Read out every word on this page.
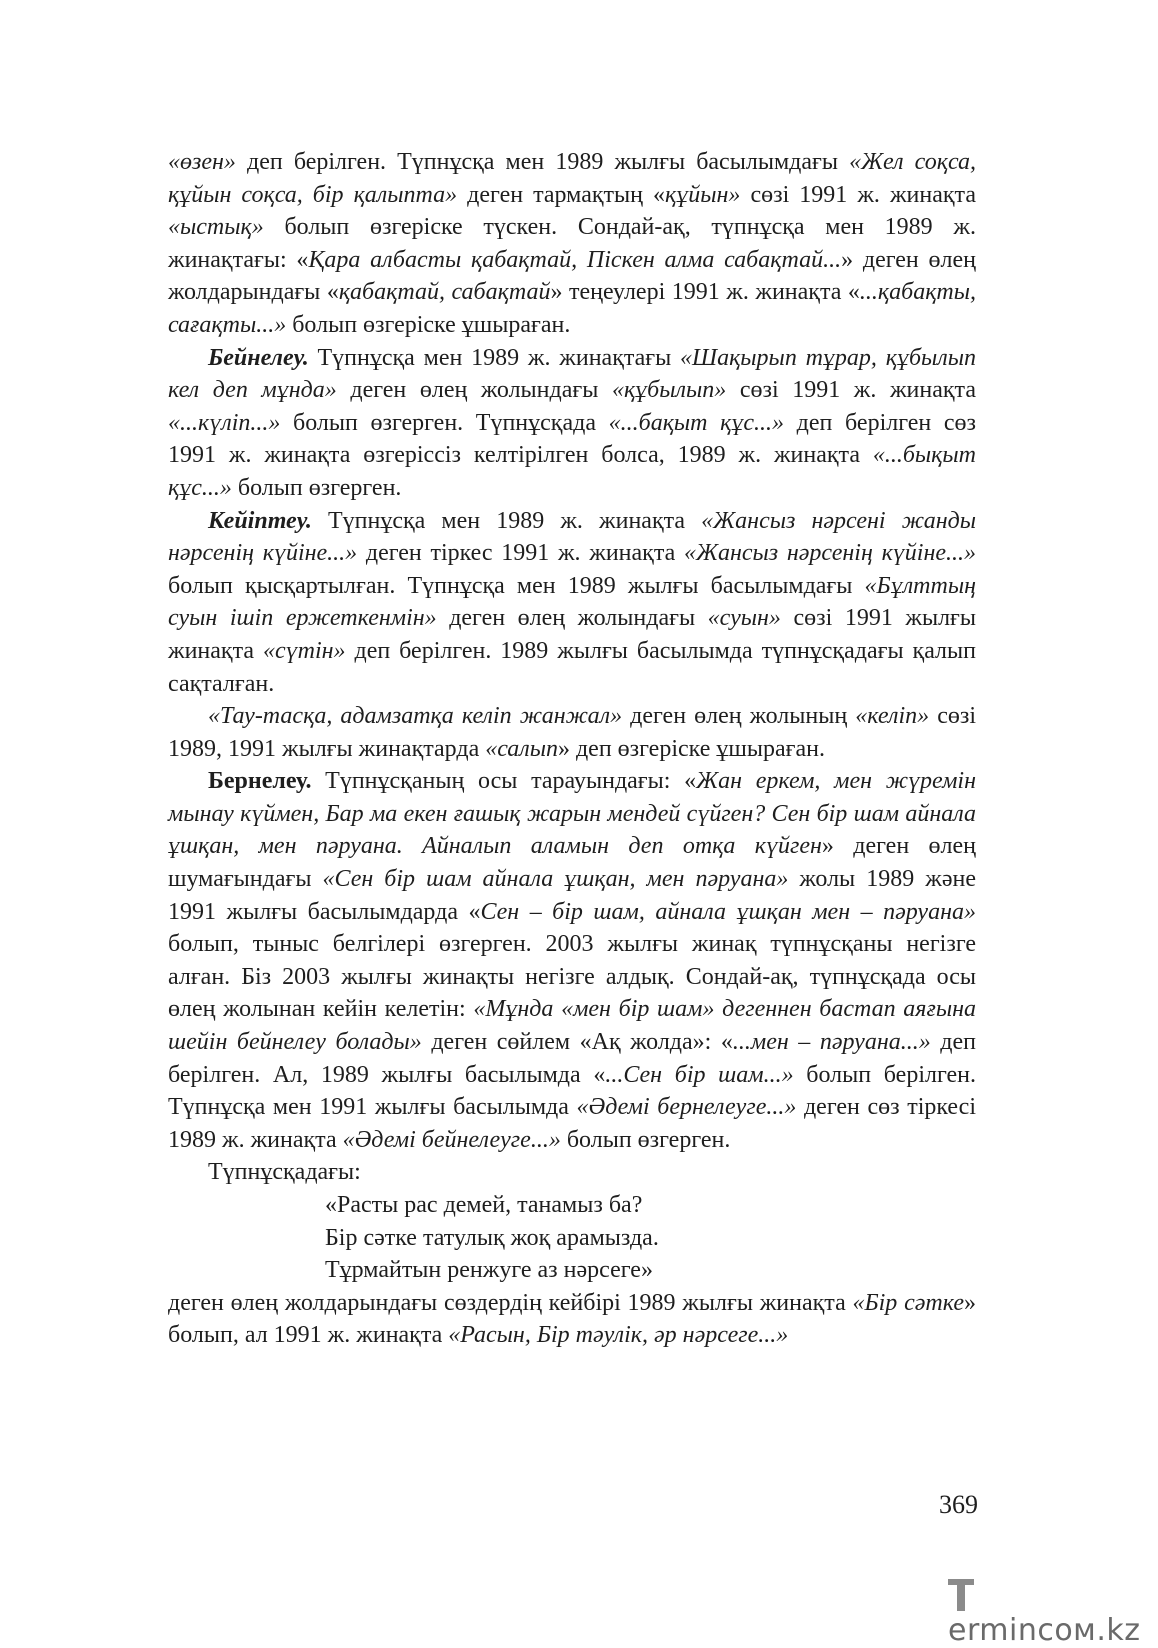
«өзен» деп берілген. Түпнұсқа мен 1989 жылғы басылымдағы «Жел соқса, құйын соқса, бір қалыпта» деген тармақтың «құйын» сөзі 1991 ж. жинақта «ыстық» болып өзгеріске түскен. Сондай-ақ, түпнұсқа мен 1989 ж. жинақтағы: «Қара албасты қабақтай, Піскен алма сабақтай...» деген өлең жолдарындағы «қабақтай, сабақтай» теңеулері 1991 ж. жинақта «...қабақты, сағақты...» болып өзгеріске ұшыраған.

Бейнелеу. Түпнұсқа мен 1989 ж. жинақтағы «Шақырып тұрар, құбылып кел деп мұнда» деген өлең жолындағы «құбылып» сөзі 1991 ж. жинақта «...күліп...» болып өзгерген. Түпнұсқада «...бақыт құс...» деп берілген сөз 1991 ж. жинақта өзгеріссіз келтірілген болса, 1989 ж. жинақта «...бықыт құс...» болып өзгерген.

Кейіптеу. Түпнұсқа мен 1989 ж. жинақта «Жансыз нәрсені жанды нәрсенің күйіне...» деген тіркес 1991 ж. жинақта «Жансыз нәрсенің күйіне...» болып қысқартылған. Түпнұсқа мен 1989 жылғы басылымдағы «Бұлттың суын ішіп ержеткенмін» деген өлең жолындағы «суын» сөзі 1991 жылғы жинақта «сүтін» деп берілген. 1989 жылғы басылымда түпнұсқадағы қалып сақталған.

«Тау-тасқа, адамзатқа келіп жанжал» деген өлең жолының «келіп» сөзі 1989, 1991 жылғы жинақтарда «салып» деп өзгеріске ұшыраған.

Бернелеу. Түпнұсқаның осы тарауындағы: «Жан еркем, мен жүремін мынау күймен, Бар ма екен ғашық жарын мендей сүйген? Сен бір шам айнала ұшқан, мен пәруана. Айналып аламын деп отқа күйген» деген өлең шумағындағы «Сен бір шам айнала ұшқан, мен пәруана» жолы 1989 және 1991 жылғы басылымдарда «Сен – бір шам, айнала ұшқан мен – пәруана» болып, тыныс белгілері өзгерген. 2003 жылғы жинақ түпнұсқаны негізге алған. Біз 2003 жылғы жинақты негізге алдық. Сондай-ақ, түпнұсқада осы өлең жолынан кейін келетін: «Мұнда «мен бір шам» дегеннен бастап аяғына шейін бейнелеу болады» деген сөйлем «Ақ жолда»: «...мен – пәруана...» деп берілген. Ал, 1989 жылғы басылымда «...Сен бір шам...» болып берілген. Түпнұсқа мен 1991 жылғы басылымда «Әдемі бернелеуге...» деген сөз тіркесі 1989 ж. жинақта «Әдемі бейнелеуге...» болып өзгерген.

Түпнұсқадағы:

«Расты рас демей, танамыз ба?
Бір сәтке татулық жоқ арамызда.
Тұрмайтын ренжуге аз нәрсеге»

деген өлең жолдарындағы сөздердің кейбірі 1989 жылғы жинақта «Бір сәтке» болып, ал 1991 ж. жинақта «Расын, Бір тәулік, әр нәрсеге...»

369
ermincом.kz
